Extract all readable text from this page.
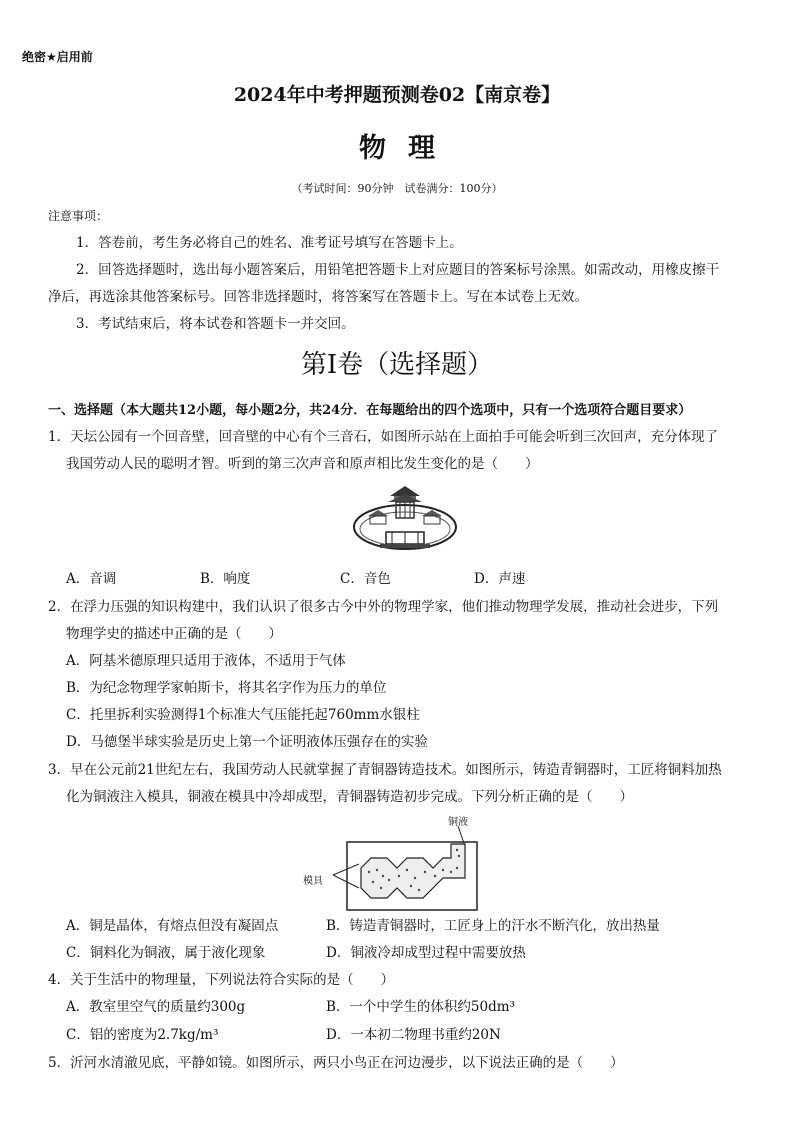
绝密★启用前
2024年中考押题预测卷02【南京卷】
物理
（考试时间：90分钟　试卷满分：100分）
注意事项：
1．答卷前，考生务必将自己的姓名、准考证号填写在答题卡上。
2．回答选择题时，选出每小题答案后，用铅笔把答题卡上对应题目的答案标号涂黑。如需改动，用橡皮擦干
净后，再选涂其他答案标号。回答非选择题时，将答案写在答题卡上。写在本试卷上无效。
3．考试结束后，将本试卷和答题卡一并交回。
第Ⅰ卷（选择题）
一、选择题（本大题共12小题，每小题2分，共24分．在每题给出的四个选项中，只有一个选项符合题目要求）
1．天坛公园有一个回音壁，回音壁的中心有个三音石，如图所示站在上面拍手可能会听到三次回声，充分体现了
我国劳动人民的聪明才智。听到的第三次声音和原声相比发生变化的是（　　）
A．音调	B．响度	C．音色	D．声速
2．在浮力压强的知识构建中，我们认识了很多古今中外的物理学家，他们推动物理学发展，推动社会进步，下列
物理学史的描述中正确的是（　　）
A．阿基米德原理只适用于液体，不适用于气体
B．为纪念物理学家帕斯卡，将其名字作为压力的单位
C．托里拆利实验测得1个标准大气压能托起760mm水银柱
D．马德堡半球实验是历史上第一个证明液体压强存在的实验
3．早在公元前21世纪左右，我国劳动人民就掌握了青铜器铸造技术。如图所示，铸造青铜器时，工匠将铜料加热
化为铜液注入模具，铜液在模具中冷却成型，青铜器铸造初步完成。下列分析正确的是（　　）
铜液
模具
A．铜是晶体，有熔点但没有凝固点	B．铸造青铜器时，工匠身上的汗水不断汽化，放出热量
C．铜料化为铜液，属于液化现象	D．铜液冷却成型过程中需要放热
4．关于生活中的物理量，下列说法符合实际的是（　　）
A．教室里空气的质量约300g	B．一个中学生的体积约50dm³
C．铝的密度为2.7kg/m³	D．一本初二物理书重约20N
5．沂河水清澈见底，平静如镜。如图所示，两只小鸟正在河边漫步，以下说法正确的是（　　）
